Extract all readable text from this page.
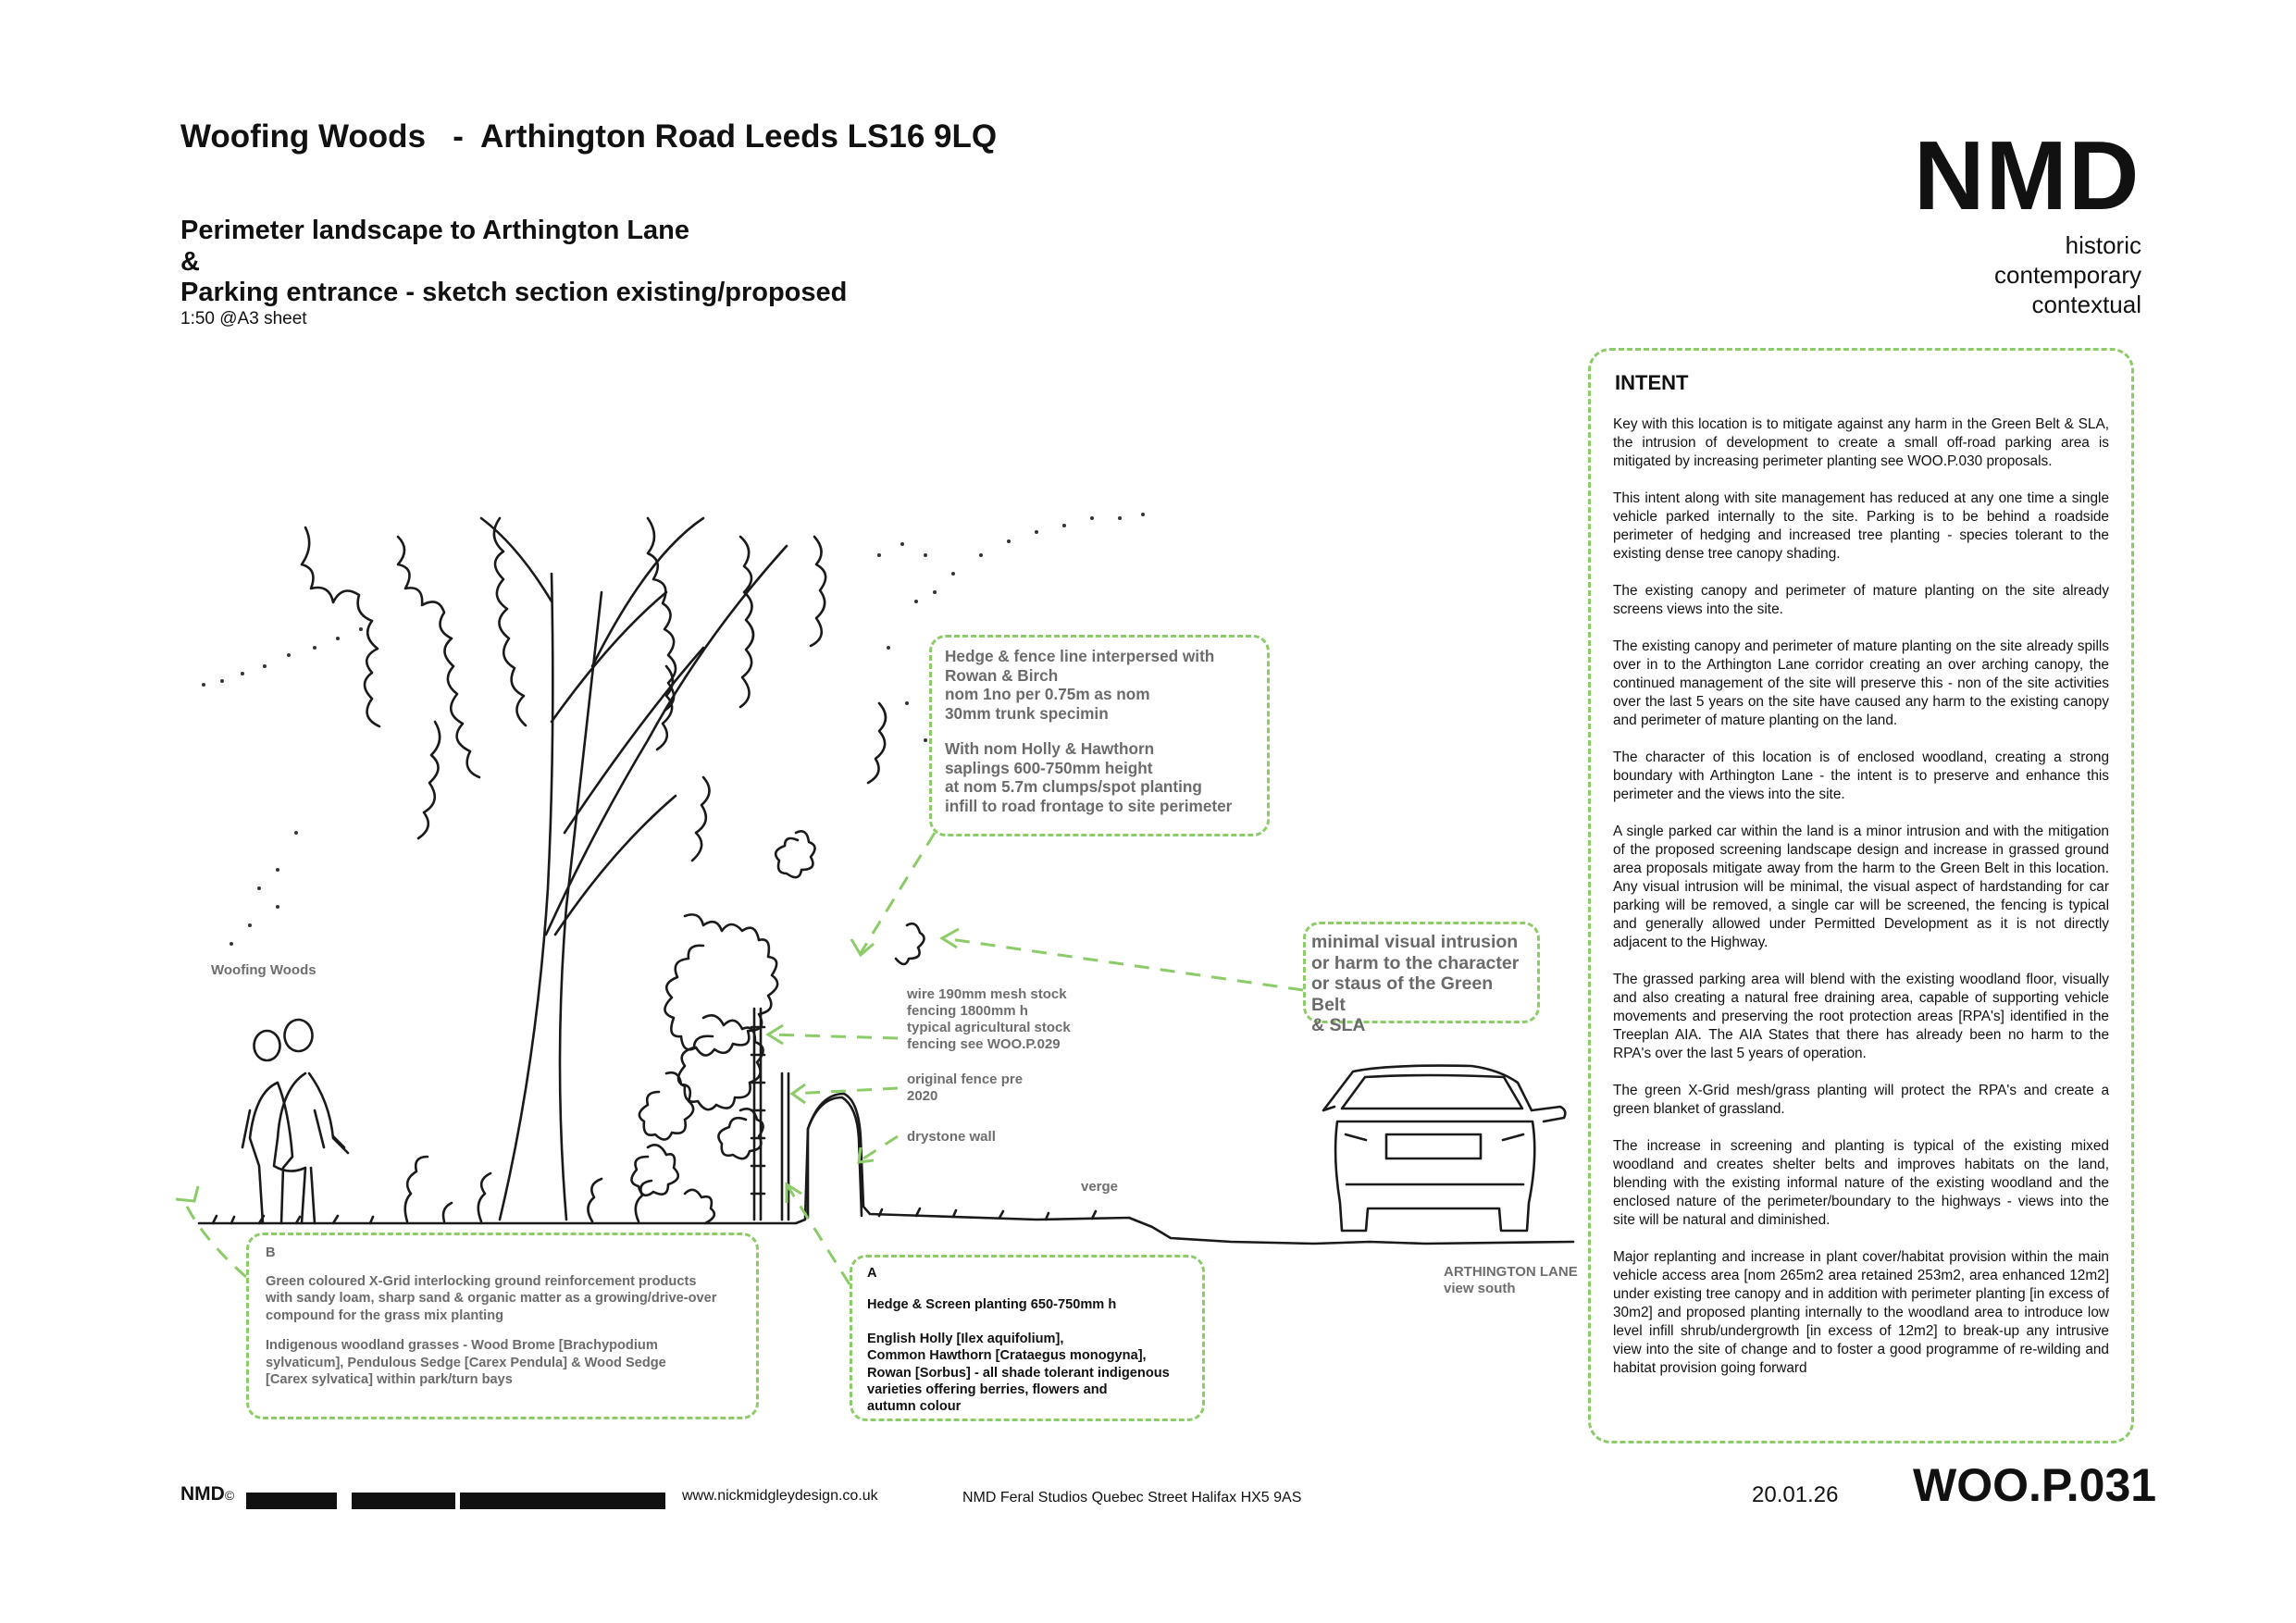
Woofing Woods   -  Arthington Road Leeds LS16 9LQ
Perimeter landscape to Arthington Lane
&
Parking entrance - sketch section existing/proposed
1:50 @A3 sheet
NMD
historic
contemporary
contextual
Woofing Woods
wire 190mm mesh stock
fencing 1800mm h
typical agricultural stock
fencing see WOO.P.029
original fence pre
2020
drystone wall
verge
ARTHINGTON LANE
view south

Hedge & fence line interpersed with

Rowan & Birch

nom 1no per 0.75m as nom

30mm trunk specimin

With nom Holly & Hawthorn

saplings 600-750mm height

at nom 5.7m clumps/spot planting

infill to road frontage to site perimeter

minimal visual intrusion

or harm to the character

or staus of the Green Belt

& SLA

B

Green coloured X-Grid interlocking ground reinforcement products

with sandy loam, sharp sand & organic matter as a growing/drive-over

compound for the grass mix planting

Indigenous woodland grasses - Wood Brome [Brachypodium

sylvaticum], Pendulous Sedge [Carex Pendula] & Wood Sedge

[Carex sylvatica] within park/turn bays

A

Hedge & Screen planting 650-750mm h

English Holly [Ilex aquifolium],

Common Hawthorn [Crataegus monogyna],

Rowan [Sorbus] - all shade tolerant indigenous

varieties offering berries, flowers and

autumn colour

INTENT

Key with this location is to mitigate against any harm in the Green Belt & SLA, the intrusion of development to create a small off-road parking area is mitigated by increasing perimeter planting see WOO.P.030 proposals.

This intent along with site management has reduced at any one time a single vehicle parked internally to the site. Parking is to be behind a roadside perimeter of hedging and increased tree planting - species tolerant to the existing dense tree canopy shading.

The existing canopy and perimeter of mature planting on the site already screens views into the site.

The existing canopy and perimeter of mature planting on the site already spills over in to the Arthington Lane corridor creating an over arching canopy, the continued management of the site will preserve this - non of the site activities over the last 5 years on the site have caused any harm to the existing canopy and perimeter of mature planting on the land.

The character of this location is of enclosed woodland, creating a strong boundary with Arthington Lane - the intent is to preserve and enhance this perimeter and the views into the site.

A single parked car within the land is a minor intrusion and with the mitigation of the proposed screening landscape design and increase in grassed ground area proposals mitigate away from the harm to the Green Belt in this location. Any visual intrusion will be minimal, the visual aspect of hardstanding for car parking will be removed, a single car will be screened, the fencing is typical and generally allowed under Permitted Development as it is not directly adjacent to the Highway.

The grassed parking area will blend with the existing woodland floor, visually and also creating a natural free draining area, capable of supporting vehicle movements and preserving the root protection areas [RPA's] identified in the Treeplan AIA. The AIA States that there has already been no harm to the RPA's over the last 5 years of operation.

The green X-Grid mesh/grass planting will protect the RPA's and create a green blanket of grassland.

The increase in screening and planting is typical of the existing mixed woodland and creates shelter belts and improves habitats on the land, blending with the existing informal nature of the existing woodland and the enclosed nature of the perimeter/boundary to the highways - views into the site will be natural and diminished.

Major replanting and increase in plant cover/habitat provision within the main vehicle access area [nom 265m2 area retained 253m2, area enhanced 12m2] under existing tree canopy and in addition with perimeter planting [in excess of 30m2] and proposed planting internally to the woodland area to introduce low level infill shrub/undergrowth [in excess of 12m2] to break-up any intrusive view into the site of change and to foster a good programme of re-wilding and habitat provision going forward

NMD©	www.nickmidgleydesign.co.uk	NMD Feral Studios Quebec Street Halifax HX5 9AS	20.01.26 WOO.P.031
